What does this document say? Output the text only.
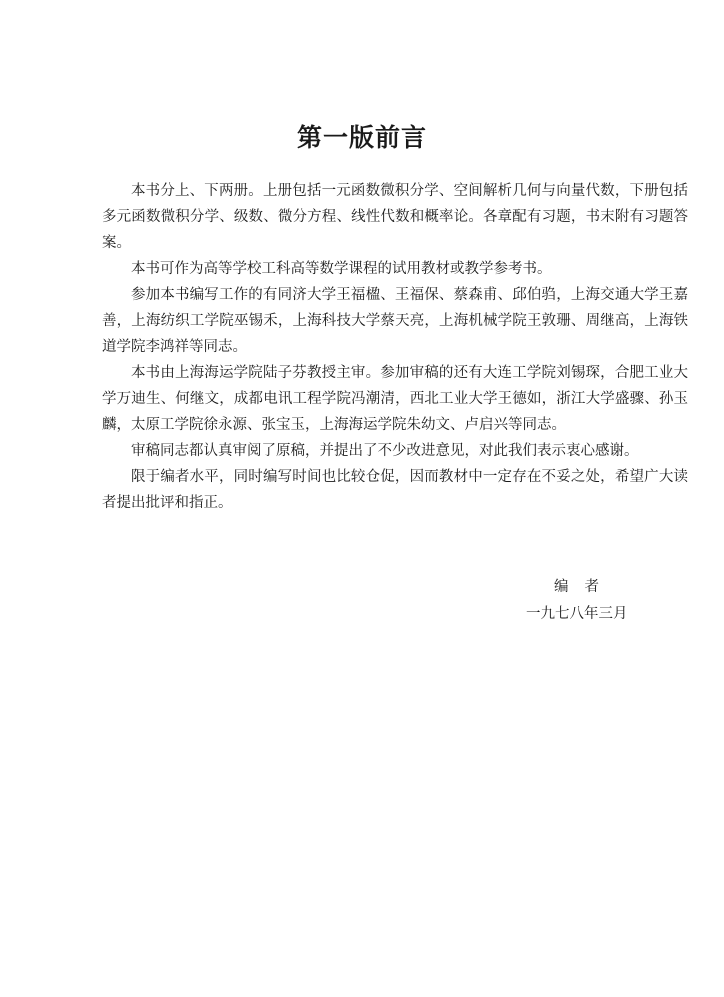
第一版前言

本书分上、下两册。上册包括一元函数微积分学、空间解析几何与向量代数，下册包括多元函数微积分学、级数、微分方程、线性代数和概率论。各章配有习题，书末附有习题答案。

本书可作为高等学校工科高等数学课程的试用教材或教学参考书。

参加本书编写工作的有同济大学王福楹、王福保、蔡森甫、邱伯驺，上海交通大学王嘉善，上海纺织工学院巫锡禾，上海科技大学蔡天亮，上海机械学院王敦珊、周继高，上海铁道学院李鸿祥等同志。

本书由上海海运学院陆子芬教授主审。参加审稿的还有大连工学院刘锡琛，合肥工业大学万迪生、何继文，成都电讯工程学院冯潮清，西北工业大学王德如，浙江大学盛骤、孙玉麟，太原工学院徐永源、张宝玉，上海海运学院朱幼文、卢启兴等同志。

审稿同志都认真审阅了原稿，并提出了不少改进意见，对此我们表示衷心感谢。

限于编者水平，同时编写时间也比较仓促，因而教材中一定存在不妥之处，希望广大读者提出批评和指正。

编者
一九七八年三月
